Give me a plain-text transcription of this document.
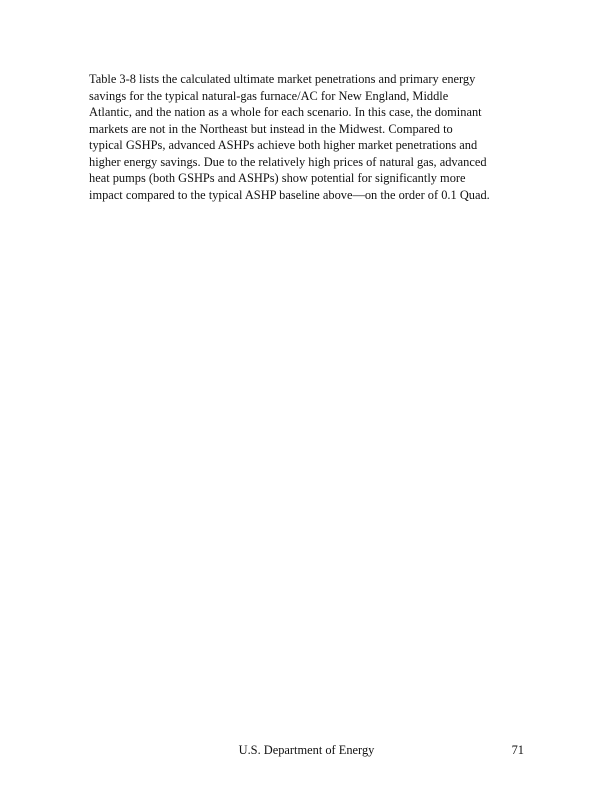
Table 3-8 lists the calculated ultimate market penetrations and primary energy
savings for the typical natural-gas furnace/AC for New England, Middle
Atlantic, and the nation as a whole for each scenario. In this case, the dominant
markets are not in the Northeast but instead in the Midwest. Compared to
typical GSHPs, advanced ASHPs achieve both higher market penetrations and
higher energy savings. Due to the relatively high prices of natural gas, advanced
heat pumps (both GSHPs and ASHPs) show potential for significantly more
impact compared to the typical ASHP baseline above—on the order of 0.1 Quad.

U.S. Department of Energy	71
